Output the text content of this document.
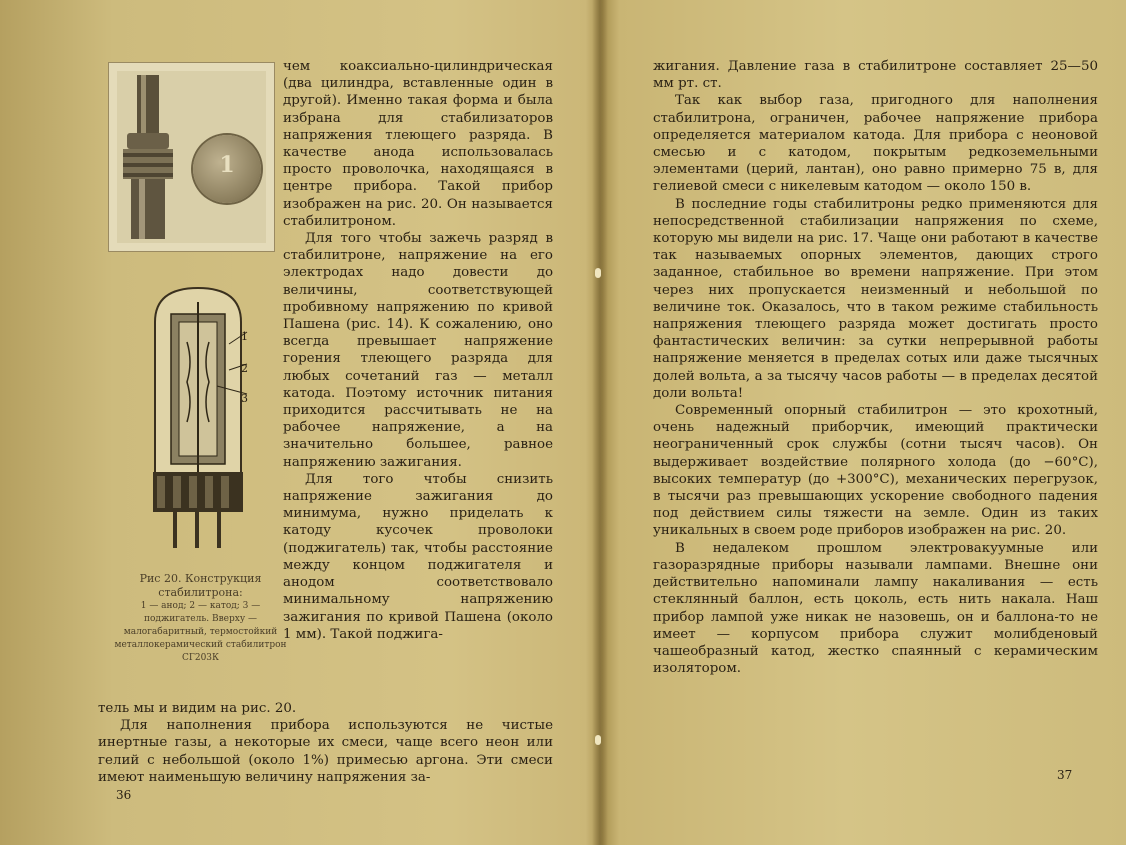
1
1
2
3
Рис 20. Конструкция стабилитрона:
1 — анод; 2 — катод; 3 — поджигатель. Вверху — малогабаритный, термостойкий металлокерамический стабилитрон СГ203К

чем коаксиально-цилиндрическая (два цилиндра, вставленные один в другой). Именно такая форма и была избрана для стабилизаторов напряжения тлеющего разряда. В качестве анода использовалась просто проволочка, находящаяся в центре прибора. Такой прибор изображен на рис. 20. Он называется стабилитроном.

Для того чтобы зажечь разряд в стабилитроне, напряжение на его электродах надо довести до величины, соответствующей пробивному напряжению по кривой Пашена (рис. 14). К сожалению, оно всегда превышает напряжение горения тлеющего разряда для любых сочетаний газ — металл катода. Поэтому источник питания приходится рассчитывать не на рабочее напряжение, а на значительно большее, равное напряжению зажигания.

Для того чтобы снизить напряжение зажигания до минимума, нужно приделать к катоду кусочек проволоки (поджигатель) так, чтобы расстояние между концом поджигателя и анодом соответствовало минимальному напряжению зажигания по кривой Пашена (около 1 мм). Такой поджига-

тель мы и видим на рис. 20.

Для наполнения прибора используются не чистые инертные газы, а некоторые их смеси, чаще всего неон или гелий с небольшой (около 1%) примесью аргона. Эти смеси имеют наименьшую величину напряжения за-

36

жигания. Давление газа в стабилитроне составляет 25—50 мм рт. ст.

Так как выбор газа, пригодного для наполнения стабилитрона, ограничен, рабочее напряжение прибора определяется материалом катода. Для прибора с неоновой смесью и с катодом, покрытым редкоземельными элементами (церий, лантан), оно равно примерно 75 в, для гелиевой смеси с никелевым катодом — около 150 в.

В последние годы стабилитроны редко применяются для непосредственной стабилизации напряжения по схеме, которую мы видели на рис. 17. Чаще они работают в качестве так называемых опорных элементов, дающих строго заданное, стабильное во времени напряжение. При этом через них пропускается неизменный и небольшой по величине ток. Оказалось, что в таком режиме стабильность напряжения тлеющего разряда может достигать просто фантастических величин: за сутки непрерывной работы напряжение меняется в пределах сотых или даже тысячных долей вольта, а за тысячу часов работы — в пределах десятой доли вольта!

Современный опорный стабилитрон — это крохотный, очень надежный приборчик, имеющий практически неограниченный срок службы (сотни тысяч часов). Он выдерживает воздействие полярного холода (до −60°C), высоких температур (до +300°C), механических перегрузок, в тысячи раз превышающих ускорение свободного падения под действием силы тяжести на земле. Один из таких уникальных в своем роде приборов изображен на рис. 20.

В недалеком прошлом электровакуумные или газоразрядные приборы называли лампами. Внешне они действительно напоминали лампу накаливания — есть стеклянный баллон, есть цоколь, есть нить накала. Наш прибор лампой уже никак не назовешь, он и баллона-то не имеет — корпусом прибора служит молибденовый чашеобразный катод, жестко спаянный с керамическим изолятором.

37
